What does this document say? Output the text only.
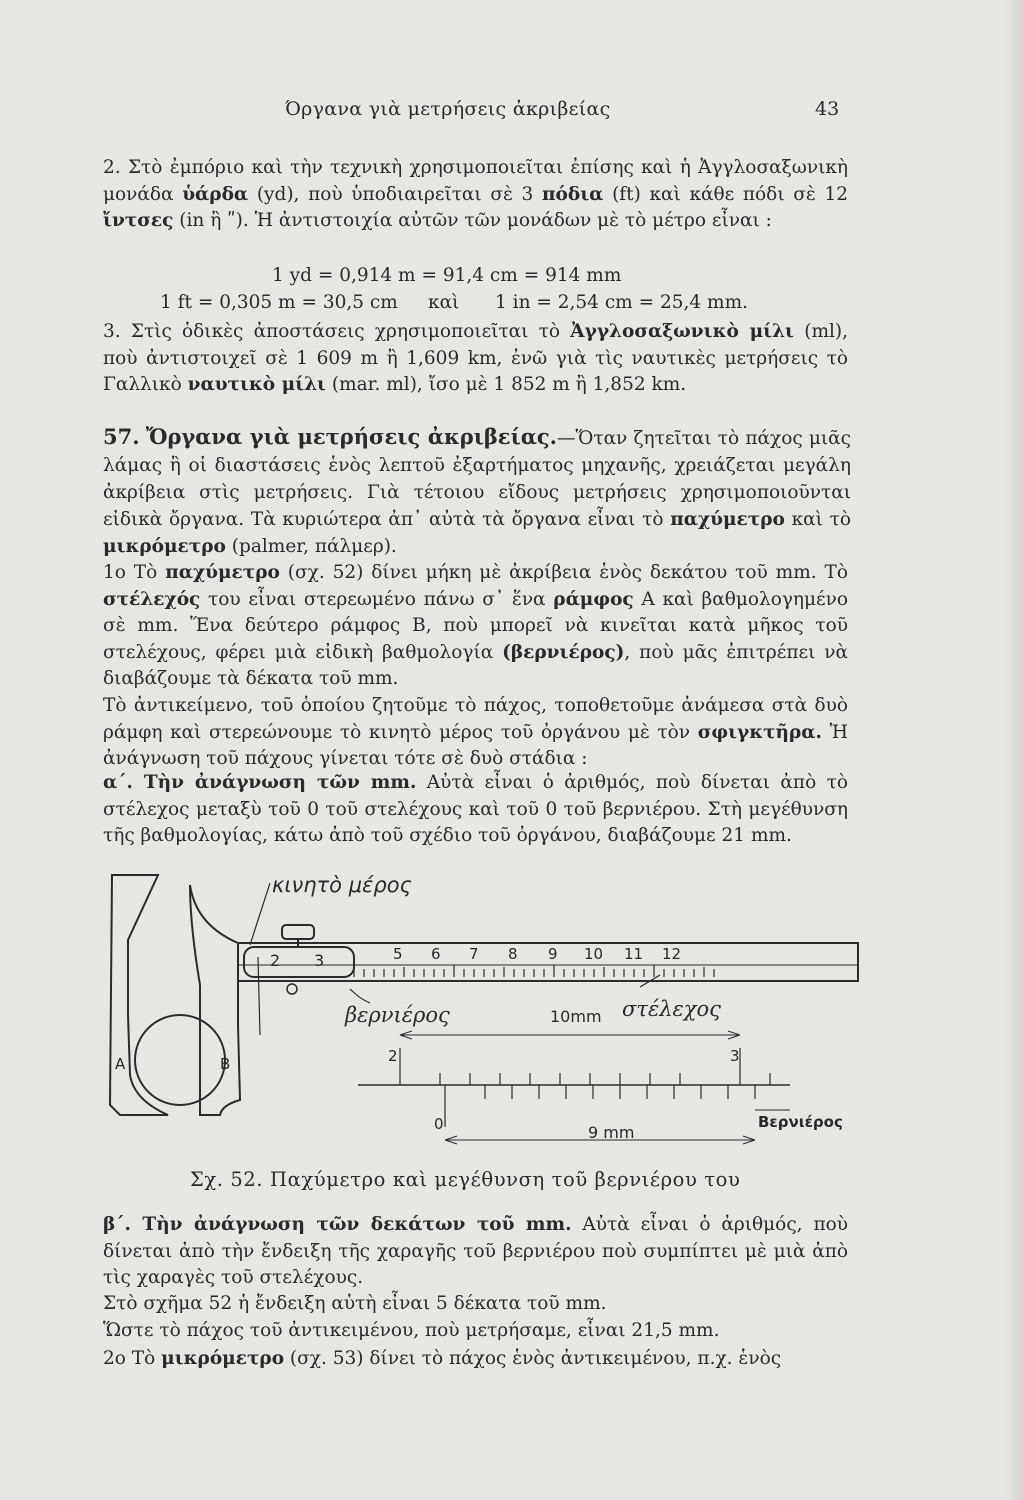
Όργανα γιὰ μετρήσεις ἀκριβείας	43

2. Στὸ ἐμπόριο καὶ τὴν τεχνικὴ χρησιμοποιεῖται ἐπίσης καὶ ἡ Ἀγγλοσαξωνικὴ μονάδα ὑάρδα (yd), ποὺ ὑποδιαιρεῖται σὲ 3 πόδια (ft) καὶ κάθε πόδι σὲ 12 ἴντσες (in ἢ ʺ). Ἡ ἀντιστοιχία αὐτῶν τῶν μονάδων μὲ τὸ μέτρο εἶναι :

1 yd = 0,914 m = 91,4 cm = 914 mm
1 ft = 0,305 m = 30,5 cm καὶ 1 in = 2,54 cm = 25,4 mm.

3. Στὶς ὁδικὲς ἀποστάσεις χρησιμοποιεῖται τὸ Ἀγγλοσαξωνικὸ μίλι (ml), ποὺ ἀντιστοιχεῖ σὲ 1 609 m ἢ 1,609 km, ἐνῶ γιὰ τὶς ναυτικὲς μετρήσεις τὸ Γαλλικὸ ναυτικὸ μίλι (mar. ml), ἴσο μὲ 1 852 m ἢ 1,852 km.

57. Ὄργανα γιὰ μετρήσεις ἀκριβείας.—Ὅταν ζητεῖται τὸ πάχος μιᾶς λάμας ἢ οἱ διαστάσεις ἑνὸς λεπτοῦ ἐξαρτήματος μηχανῆς, χρειάζεται μεγάλη ἀκρίβεια στὶς μετρήσεις. Γιὰ τέτοιου εἴδους μετρήσεις χρησιμοποιοῦνται εἰδικὰ ὄργανα. Τὰ κυριώτερα ἀπ᾿ αὐτὰ τὰ ὄργανα εἶναι τὸ παχύμετρο καὶ τὸ μικρόμετρο (palmer, πάλμερ).

1ο Τὸ παχύμετρο (σχ. 52) δίνει μήκη μὲ ἀκρίβεια ἑνὸς δεκάτου τοῦ mm. Τὸ στέλεχός του εἶναι στερεωμένο πάνω σ᾿ ἕνα ράμφος Α καὶ βαθμολογημένο σὲ mm. Ἕνα δεύτερο ράμφος Β, ποὺ μπορεῖ νὰ κινεῖται κατὰ μῆκος τοῦ στελέχους, φέρει μιὰ εἰδικὴ βαθμολογία (βερνιέρος), ποὺ μᾶς ἐπιτρέπει νὰ διαβάζουμε τὰ δέκατα τοῦ mm.

Τὸ ἀντικείμενο, τοῦ ὁποίου ζητοῦμε τὸ πάχος, τοποθετοῦμε ἀνάμεσα στὰ δυὸ ράμφη καὶ στερεώνουμε τὸ κινητὸ μέρος τοῦ ὀργάνου μὲ τὸν σφιγκτῆρα. Ἡ ἀνάγνωση τοῦ πάχους γίνεται τότε σὲ δυὸ στάδια :

α΄. Τὴν ἀνάγνωση τῶν mm. Αὐτὰ εἶναι ὁ ἀριθμός, ποὺ δίνεται ἀπὸ τὸ στέλεχος μεταξὺ τοῦ 0 τοῦ στελέχους καὶ τοῦ 0 τοῦ βερνιέρου. Στὴ μεγέθυνση τῆς βαθμολογίας, κάτω ἀπὸ τοῦ σχέδιο τοῦ ὀργάνου, διαβάζουμε 21 mm.

κινητὸ μέρος
βερνιέρος	10mm στέλεχος
A	B
2 3	5 6 7 8 9 10 11 12
2	3
0	9 mm
Βερνιέρος
Σχ. 52. Παχύμετρο καὶ μεγέθυνση τοῦ βερνιέρου του

β΄. Τὴν ἀνάγνωση τῶν δεκάτων τοῦ mm. Αὐτὰ εἶναι ὁ ἀριθμός, ποὺ δίνεται ἀπὸ τὴν ἔνδειξη τῆς χαραγῆς τοῦ βερνιέρου ποὺ συμπίπτει μὲ μιὰ ἀπὸ τὶς χαραγὲς τοῦ στελέχους.

Στὸ σχῆμα 52 ἡ ἔνδειξη αὐτὴ εἶναι 5 δέκατα τοῦ mm.

Ὥστε τὸ πάχος τοῦ ἀντικειμένου, ποὺ μετρήσαμε, εἶναι 21,5 mm.

2ο Τὸ μικρόμετρο (σχ. 53) δίνει τὸ πάχος ἑνὸς ἀντικειμένου, π.χ. ἑνὸς
